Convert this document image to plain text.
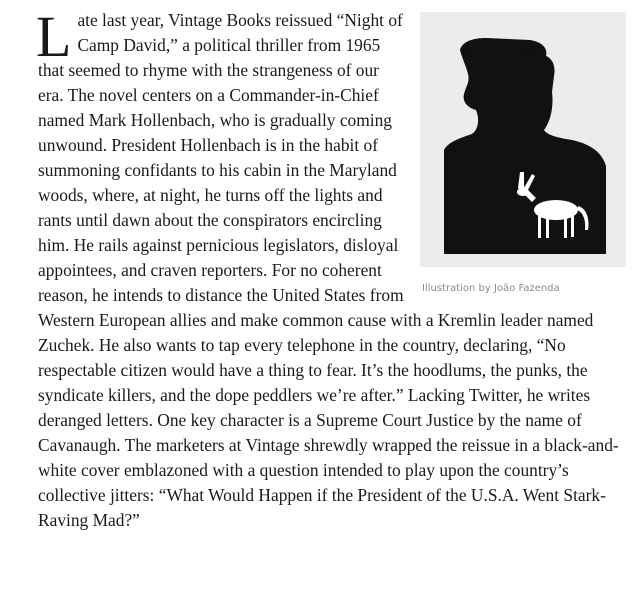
Illustration by João Fazenda

Late last year, Vintage Books reissued “Night of Camp David,” a political thriller from 1965 that seemed to rhyme with the strangeness of our era. The novel centers on a Commander-in-Chief named Mark Hollenbach, who is gradually coming unwound. President Hollenbach is in the habit of summoning confidants to his cabin in the Maryland woods, where, at night, he turns off the lights and rants until dawn about the conspirators encircling him. He rails against pernicious legislators, disloyal appointees, and craven reporters. For no coherent reason, he intends to distance the United States from Western European allies and make common cause with a Kremlin leader named Zuchek. He also wants to tap every telephone in the country, declaring, “No respectable citizen would have a thing to fear. It’s the hoodlums, the punks, the syndicate killers, and the dope peddlers we’re after.” Lacking Twitter, he writes deranged letters. One key character is a Supreme Court Justice by the name of Cavanaugh. The marketers at Vintage shrewdly wrapped the reissue in a black-and-white cover emblazoned with a question intended to play upon the country’s collective jitters: “What Would Happen if the President of the U.S.A. Went Stark-Raving Mad?”
